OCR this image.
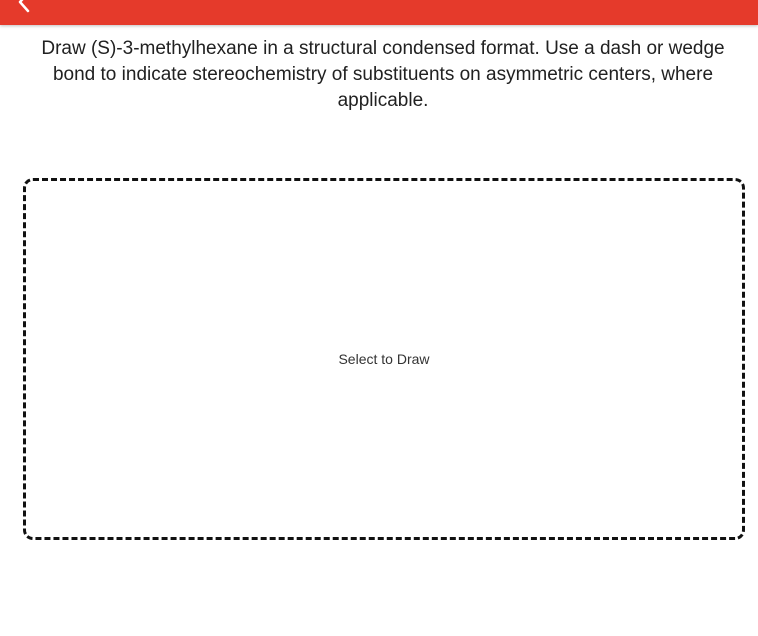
Draw (S)-3-methylhexane in a structural condensed format. Use a dash or wedge bond to indicate stereochemistry of substituents on asymmetric centers, where applicable.
Select to Draw
